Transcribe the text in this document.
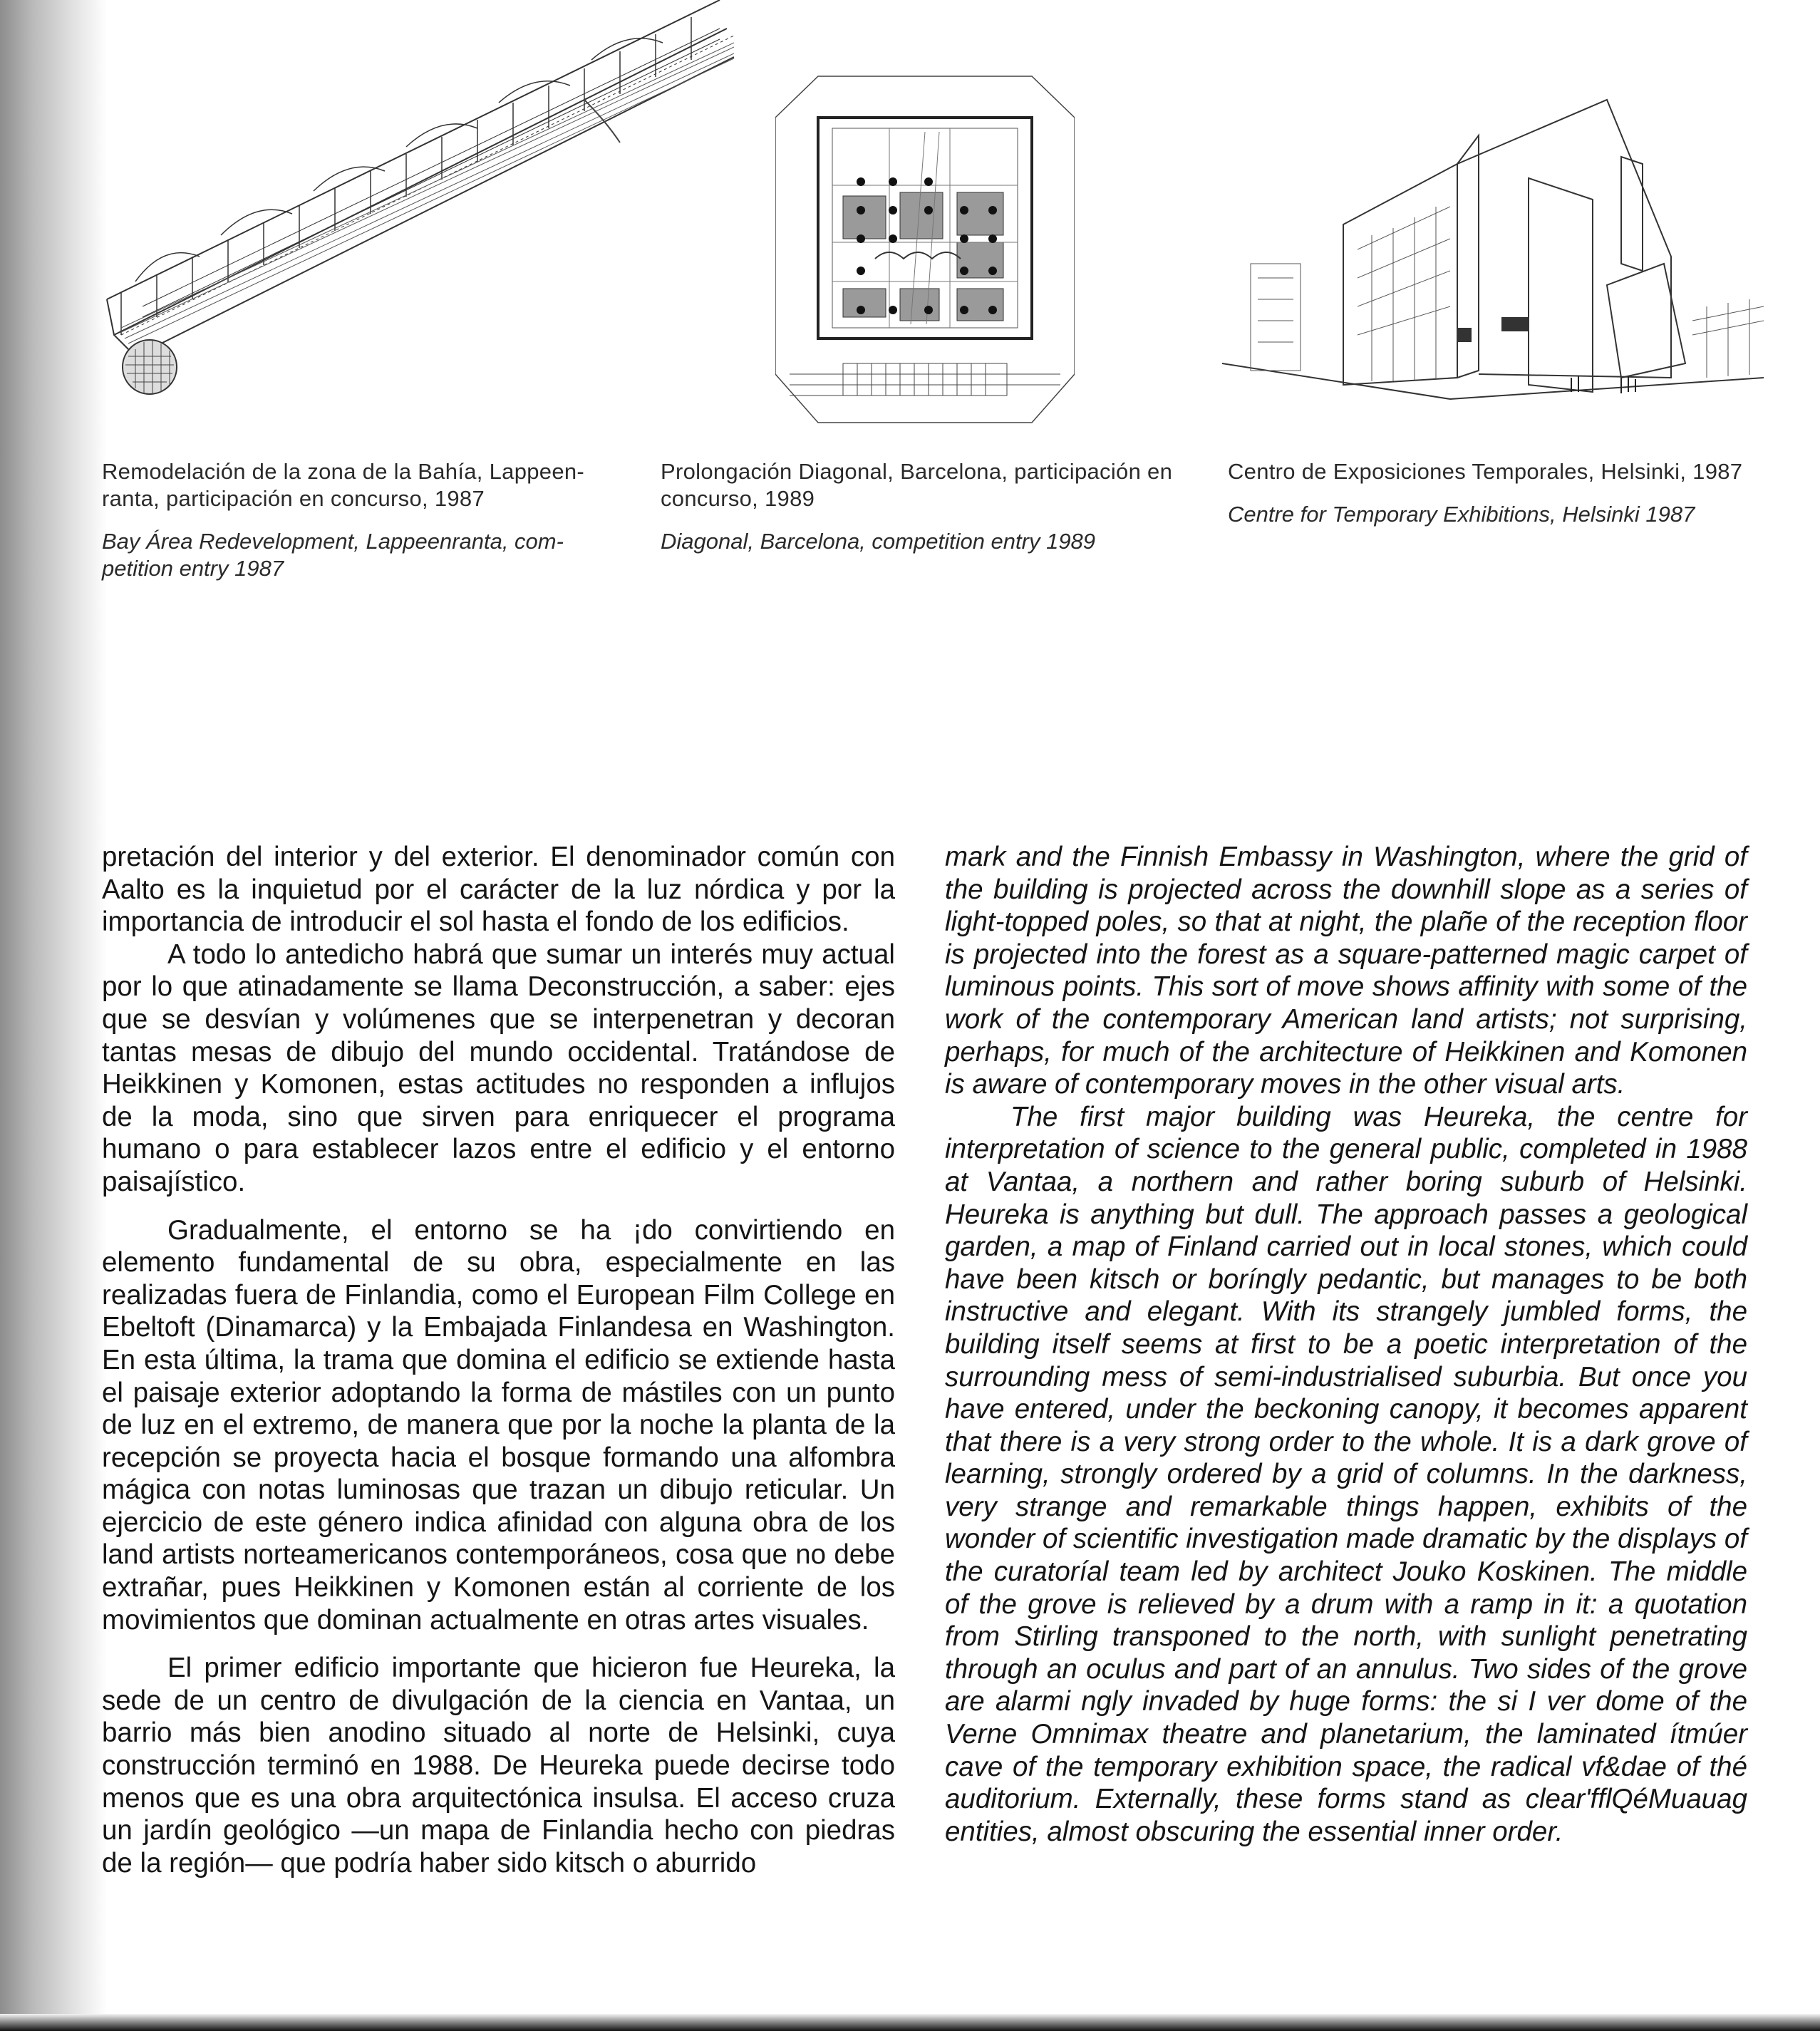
Remodelación de la zona de la Bahía, Lappeen-ranta, participación en concurso, 1987
Bay Área Redevelopment, Lappeenranta, com-petition entry 1987
Prolongación Diagonal, Barcelona, participación en concurso, 1989
Diagonal, Barcelona, competition entry 1989
Centro de Exposiciones Temporales, Helsinki, 1987
Centre for Temporary Exhibitions, Helsinki 1987

pretación del interior y del exterior. El denominador común con Aalto es la inquietud por el carácter de la luz nórdica y por la importancia de introducir el sol hasta el fondo de los edificios.

A todo lo antedicho habrá que sumar un interés muy actual por lo que atinadamente se llama Deconstrucción, a saber: ejes que se desvían y volúmenes que se interpenetran y decoran tantas mesas de dibujo del mundo occidental. Tratándose de Heikkinen y Komonen, estas actitudes no responden a influjos de la moda, sino que sirven para enriquecer el programa humano o para establecer lazos entre el edificio y el entorno paisajístico.

Gradualmente, el entorno se ha ¡do convirtiendo en elemento fundamental de su obra, especialmente en las realizadas fuera de Finlandia, como el European Film College en Ebeltoft (Dinamarca) y la Embajada Finlandesa en Washington. En esta última, la trama que domina el edificio se extiende hasta el paisaje exterior adoptando la forma de mástiles con un punto de luz en el extremo, de manera que por la noche la planta de la recepción se proyecta hacia el bosque formando una alfombra mágica con notas luminosas que trazan un dibujo reticular. Un ejercicio de este género indica afinidad con alguna obra de los land artists norteamericanos contemporáneos, cosa que no debe extrañar, pues Heikkinen y Komonen están al corriente de los movimientos que dominan actualmente en otras artes visuales.

El primer edificio importante que hicieron fue Heureka, la sede de un centro de divulgación de la ciencia en Vantaa, un barrio más bien anodino situado al norte de Helsinki, cuya construcción terminó en 1988. De Heureka puede decirse todo menos que es una obra arquitectónica insulsa. El acceso cruza un jardín geológico —un mapa de Finlandia hecho con piedras de la región— que podría haber sido kitsch o aburrido

mark and the Finnish Embassy in Washington, where the grid of the building is projected across the downhill slope as a series of light-topped poles, so that at night, the plañe of the reception floor is projected into the forest as a square-patterned magic carpet of luminous points. This sort of move shows affinity with some of the work of the contemporary American land artists; not surprising, perhaps, for much of the architecture of Heikkinen and Komonen is aware of contemporary moves in the other visual arts.

The first major building was Heureka, the centre for interpretation of science to the general public, completed in 1988 at Vantaa, a northern and rather boring suburb of Helsinki. Heureka is anything but dull. The approach passes a geological garden, a map of Finland carried out in local stones, which could have been kitsch or boríngly pedantic, but manages to be both instructive and elegant. With its strangely jumbled forms, the building itself seems at first to be a poetic interpretation of the surrounding mess of semi-industrialised suburbia. But once you have entered, under the beckoning canopy, it becomes apparent that there is a very strong order to the whole. It is a dark grove of learning, strongly ordered by a grid of columns. In the darkness, very strange and remarkable things happen, exhibits of the wonder of scientific investigation made dramatic by the displays of the curatoríal team led by architect Jouko Koskinen. The middle of the grove is relieved by a drum with a ramp in it: a quotation from Stirling transponed to the north, with sunlight penetrating through an oculus and part of an annulus. Two sides of the grove are alarmi ngly invaded by huge forms: the si I ver dome of the Verne Omnimax theatre and planetarium, the laminated ítmúer cave of the temporary exhibition space, the radical vf&dae of thé auditorium. Externally, these forms stand as clear'fflQéMuauag entities, almost obscuring the essential inner order.
